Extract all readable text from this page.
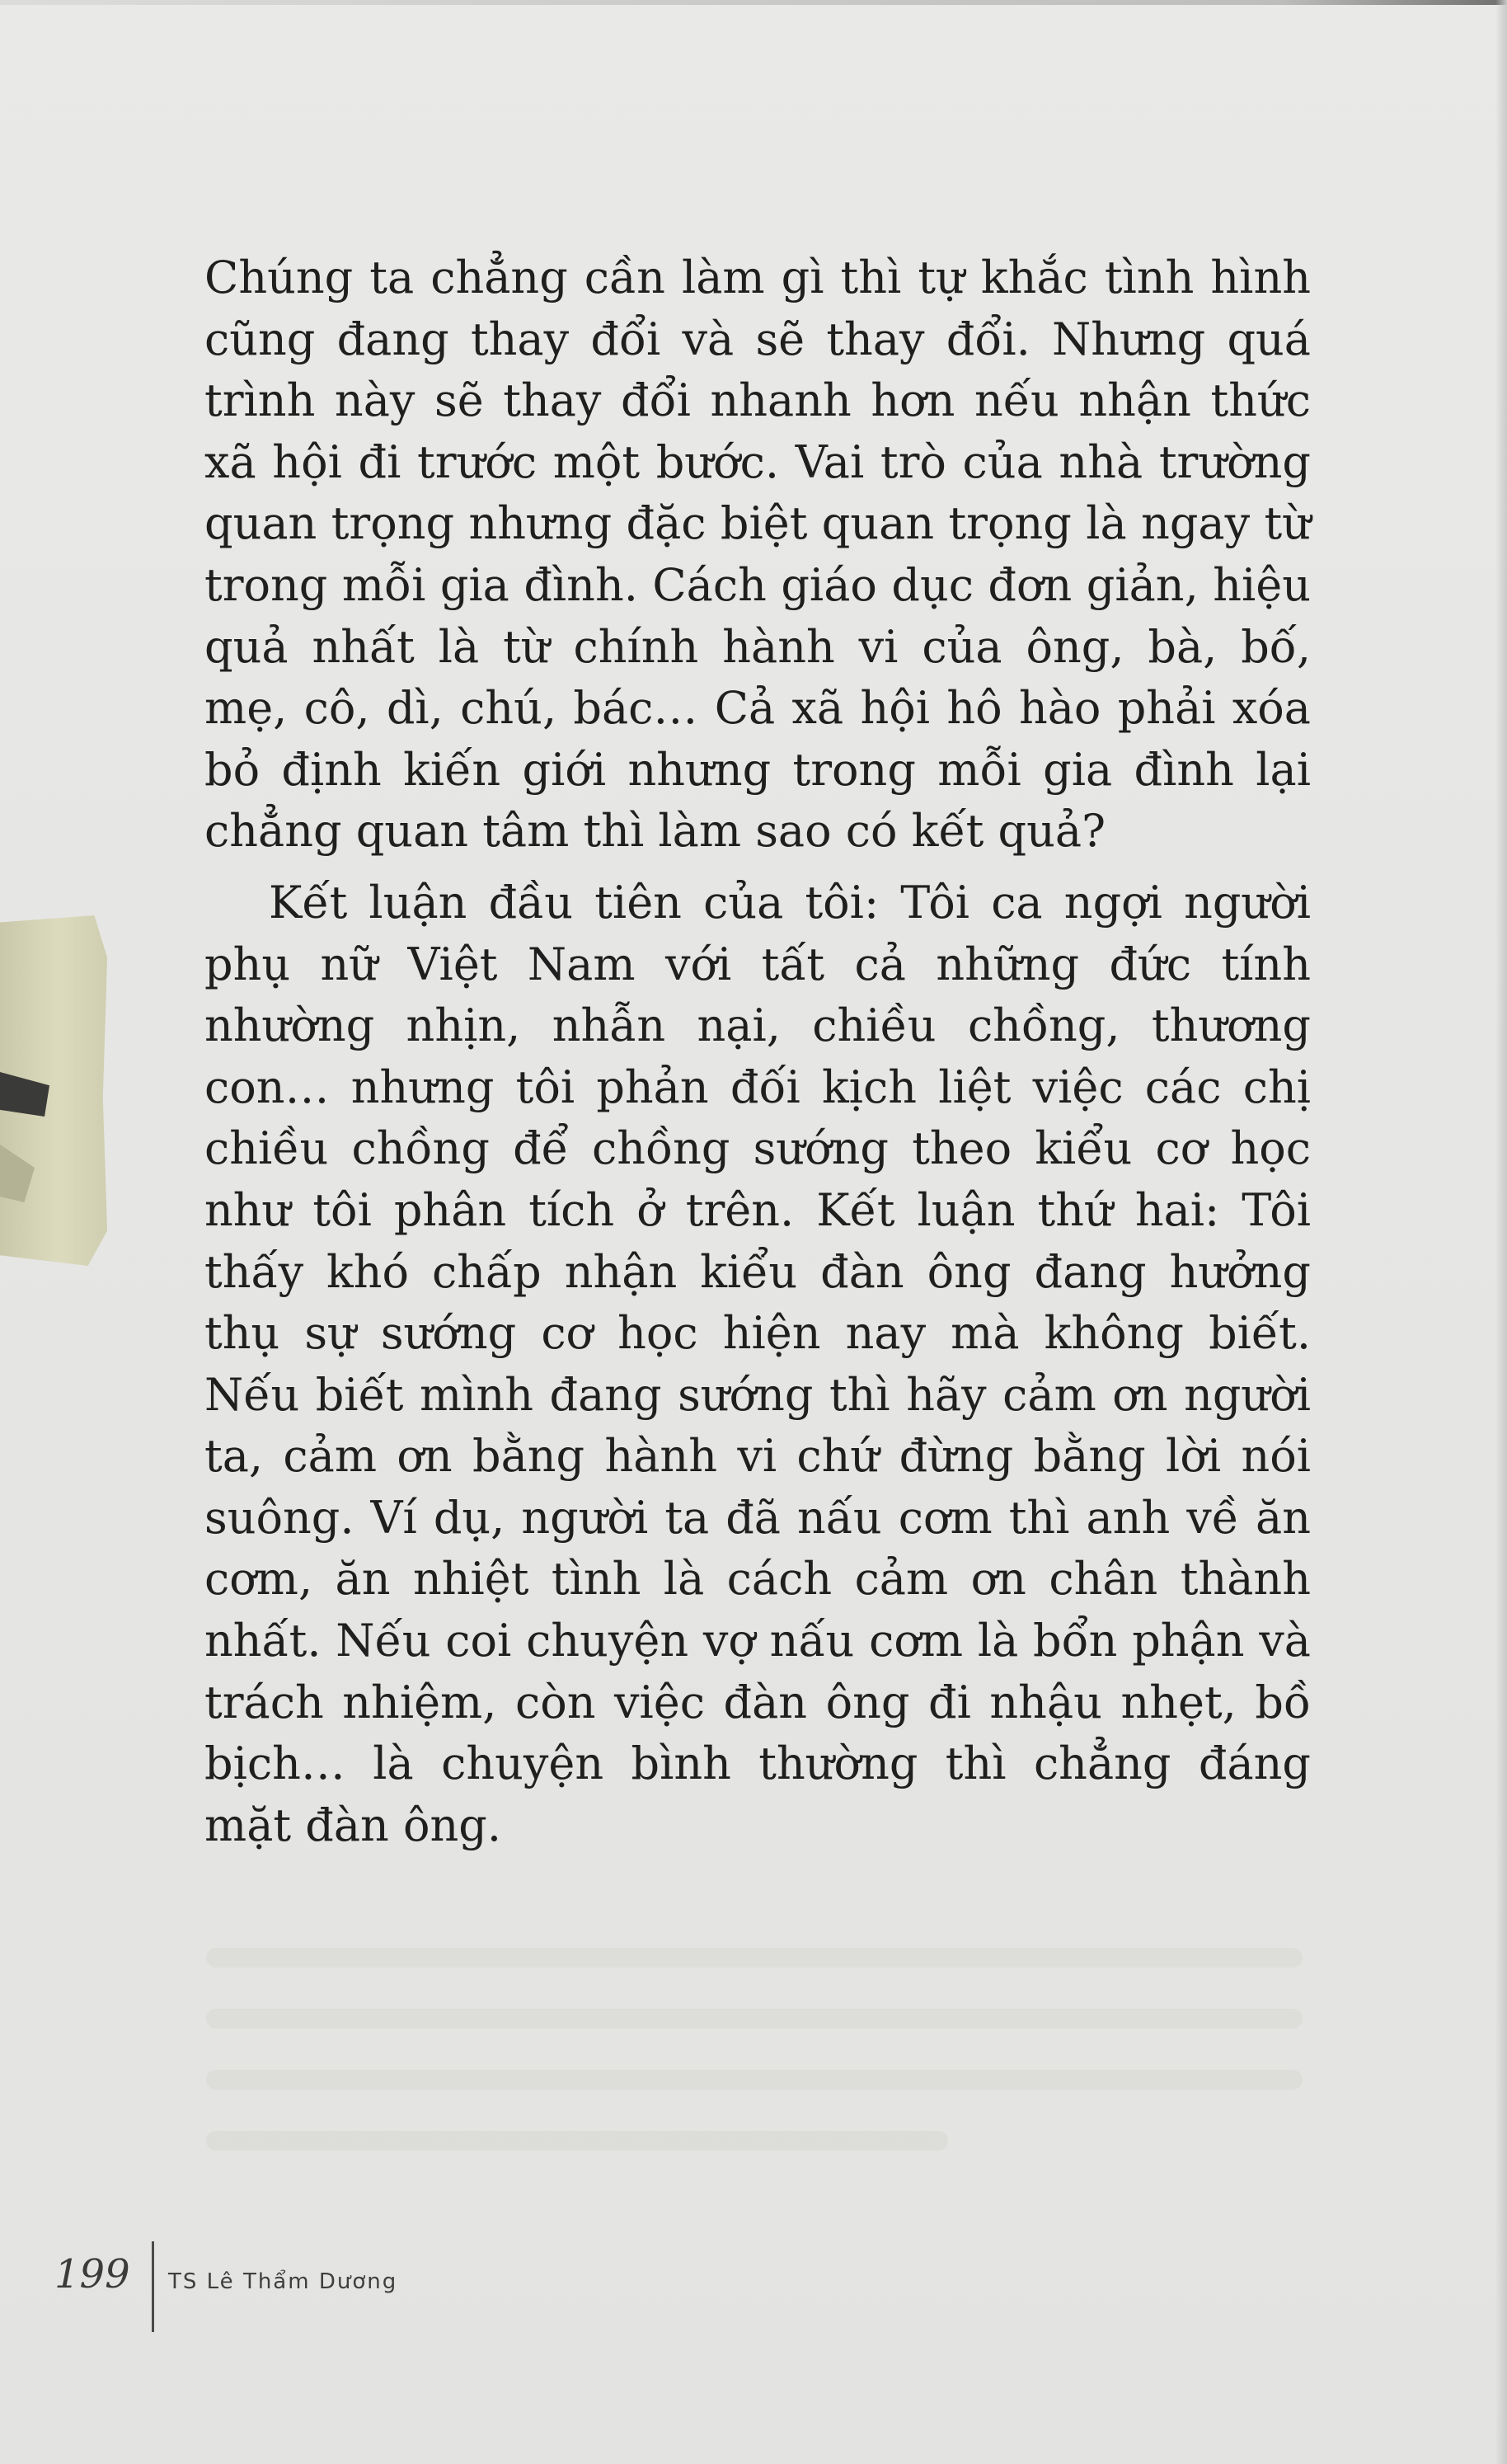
Chúng ta chẳng cần làm gì thì tự khắc tình hình cũng đang thay đổi và sẽ thay đổi. Nhưng quá trình này sẽ thay đổi nhanh hơn nếu nhận thức xã hội đi trước một bước. Vai trò của nhà trường quan trọng nhưng đặc biệt quan trọng là ngay từ trong mỗi gia đình. Cách giáo dục đơn giản, hiệu quả nhất là từ chính hành vi của ông, bà, bố, mẹ, cô, dì, chú, bác… Cả xã hội hô hào phải xóa bỏ định kiến giới nhưng trong mỗi gia đình lại chẳng quan tâm thì làm sao có kết quả?

Kết luận đầu tiên của tôi: Tôi ca ngợi người phụ nữ Việt Nam với tất cả những đức tính nhường nhịn, nhẫn nại, chiều chồng, thương con… nhưng tôi phản đối kịch liệt việc các chị chiều chồng để chồng sướng theo kiểu cơ học như tôi phân tích ở trên. Kết luận thứ hai: Tôi thấy khó chấp nhận kiểu đàn ông đang hưởng thụ sự sướng cơ học hiện nay mà không biết. Nếu biết mình đang sướng thì hãy cảm ơn người ta, cảm ơn bằng hành vi chứ đừng bằng lời nói suông. Ví dụ, người ta đã nấu cơm thì anh về ăn cơm, ăn nhiệt tình là cách cảm ơn chân thành nhất. Nếu coi chuyện vợ nấu cơm là bổn phận và trách nhiệm, còn việc đàn ông đi nhậu nhẹt, bồ bịch… là chuyện bình thường thì chẳng đáng mặt đàn ông.

199 TS Lê Thẩm Dương
